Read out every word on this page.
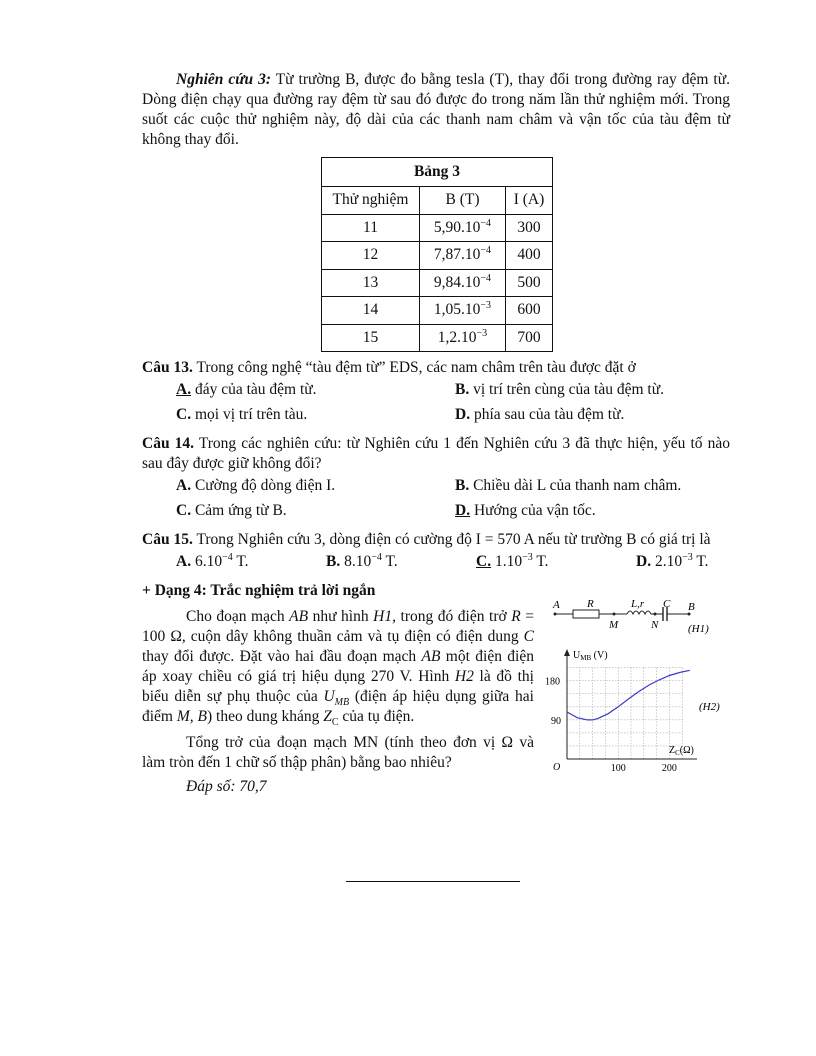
Nghiên cứu 3: Từ trường B, được đo bằng tesla (T), thay đổi trong đường ray đệm từ. Dòng điện chạy qua đường ray đệm từ sau đó được đo trong năm lần thử nghiệm mới. Trong suốt các cuộc thử nghiệm này, độ dài của các thanh nam châm và vận tốc của tàu đệm từ không thay đổi.

Bảng 3		
Thử nghiệm	B (T)	I (A)
11	$5,90.10^{-4}$	300
12	$7,87.10^{-4}$	400
13	$9,84.10^{-4}$	500
14	$1,05.10^{-3}$	600
15	$1,2.10^{-3}$	700

Câu 13. Trong công nghệ “tàu đệm từ” EDS, các nam châm trên tàu được đặt ở

A. đáy của tàu đệm từ.	B. vị trí trên cùng của tàu đệm từ.
C. mọi vị trí trên tàu.	D. phía sau của tàu đệm từ.

Câu 14. Trong các nghiên cứu: từ Nghiên cứu 1 đến Nghiên cứu 3 đã thực hiện, yếu tố nào sau đây được giữ không đổi?

A. Cường độ dòng điện I.	B. Chiều dài L của thanh nam châm.
C. Cảm ứng từ B.	D. Hướng của vận tốc.

Câu 15. Trong Nghiên cứu 3, dòng điện có cường độ I = 570 A nếu từ trường B có giá trị là

A. $6.10^{-4}$ T.	B. $8.10^{-4}$ T.	C. $1.10^{-3}$ T.	D. $2.10^{-3}$ T.

+ Dạng 4: Trắc nghiệm trả lời ngắn

Cho đoạn mạch AB như hình H1, trong đó điện trở R = 100 Ω, cuộn dây không thuần cảm và tụ điện có điện dung C thay đổi được. Đặt vào hai đầu đoạn mạch AB một điện điện áp xoay chiều có giá trị hiệu dụng 270 V. Hình H2 là đồ thị biểu diễn sự phụ thuộc của $U_{MB}$ (điện áp hiệu dụng giữa hai điểm M, B) theo dung kháng $Z_C$ của tụ điện.

Tổng trở của đoạn mạch MN (tính theo đơn vị Ω và làm tròn đến 1 chữ số thập phân) bằng bao nhiêu?

Đáp số: 70,7

A R	L,r C B
M	N	(H1)
$U_{MB}$ (V)
$Z_C(\Omega)$
O
180
90
100	200
(H2)
